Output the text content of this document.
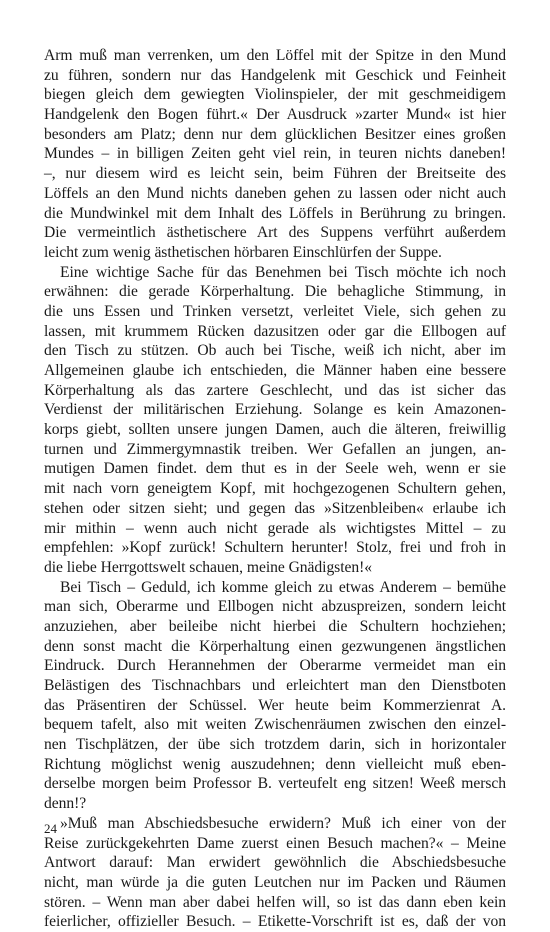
Arm muß man verrenken, um den Löffel mit der Spitze in den Mund
zu führen, sondern nur das Handgelenk mit Geschick und Feinheit
biegen gleich dem gewiegten Violinspieler, der mit geschmeidigem
Handgelenk den Bogen führt.« Der Ausdruck »zarter Mund« ist hier
besonders am Platz; denn nur dem glücklichen Besitzer eines großen
Mundes – in billigen Zeiten geht viel rein, in teuren nichts daneben!
–, nur diesem wird es leicht sein, beim Führen der Breitseite des
Löffels an den Mund nichts daneben gehen zu lassen oder nicht auch
die Mundwinkel mit dem Inhalt des Löffels in Berührung zu bringen.
Die vermeintlich ästhetischere Art des Suppens verführt außerdem
leicht zum wenig ästhetischen hörbaren Einschlürfen der Suppe.
Eine wichtige Sache für das Benehmen bei Tisch möchte ich noch
erwähnen: die gerade Körperhaltung. Die behagliche Stimmung, in
die uns Essen und Trinken versetzt, verleitet Viele, sich gehen zu
lassen, mit krummem Rücken dazusitzen oder gar die Ellbogen auf
den Tisch zu stützen. Ob auch bei Tische, weiß ich nicht, aber im
Allgemeinen glaube ich entschieden, die Männer haben eine bessere
Körperhaltung als das zartere Geschlecht, und das ist sicher das
Verdienst der militärischen Erziehung. Solange es kein Amazonen-
korps giebt, sollten unsere jungen Damen, auch die älteren, freiwillig
turnen und Zimmergymnastik treiben. Wer Gefallen an jungen, an-
mutigen Damen findet. dem thut es in der Seele weh, wenn er sie
mit nach vorn geneigtem Kopf, mit hochgezogenen Schultern gehen,
stehen oder sitzen sieht; und gegen das »Sitzenbleiben« erlaube ich
mir mithin – wenn auch nicht gerade als wichtigstes Mittel – zu
empfehlen: »Kopf zurück! Schultern herunter! Stolz, frei und froh in
die liebe Herrgottswelt schauen, meine Gnädigsten!«
Bei Tisch – Geduld, ich komme gleich zu etwas Anderem – bemühe
man sich, Oberarme und Ellbogen nicht abzuspreizen, sondern leicht
anzuziehen, aber beileibe nicht hierbei die Schultern hochziehen;
denn sonst macht die Körperhaltung einen gezwungenen ängstlichen
Eindruck. Durch Herannehmen der Oberarme vermeidet man ein
Belästigen des Tischnachbars und erleichtert man den Dienstboten
das Präsentiren der Schüssel. Wer heute beim Kommerzienrat A.
bequem tafelt, also mit weiten Zwischenräumen zwischen den einzel-
nen Tischplätzen, der übe sich trotzdem darin, sich in horizontaler
Richtung möglichst wenig auszudehnen; denn vielleicht muß eben-
derselbe morgen beim Professor B. verteufelt eng sitzen! Weeß mersch
denn!?
»Muß man Abschiedsbesuche erwidern? Muß ich einer von der
Reise zurückgekehrten Dame zuerst einen Besuch machen?« – Meine
Antwort darauf: Man erwidert gewöhnlich die Abschiedsbesuche
nicht, man würde ja die guten Leutchen nur im Packen und Räumen
stören. – Wenn man aber dabei helfen will, so ist das dann eben kein
feierlicher, offizieller Besuch. – Etikette-Vorschrift ist es, daß der von
24
